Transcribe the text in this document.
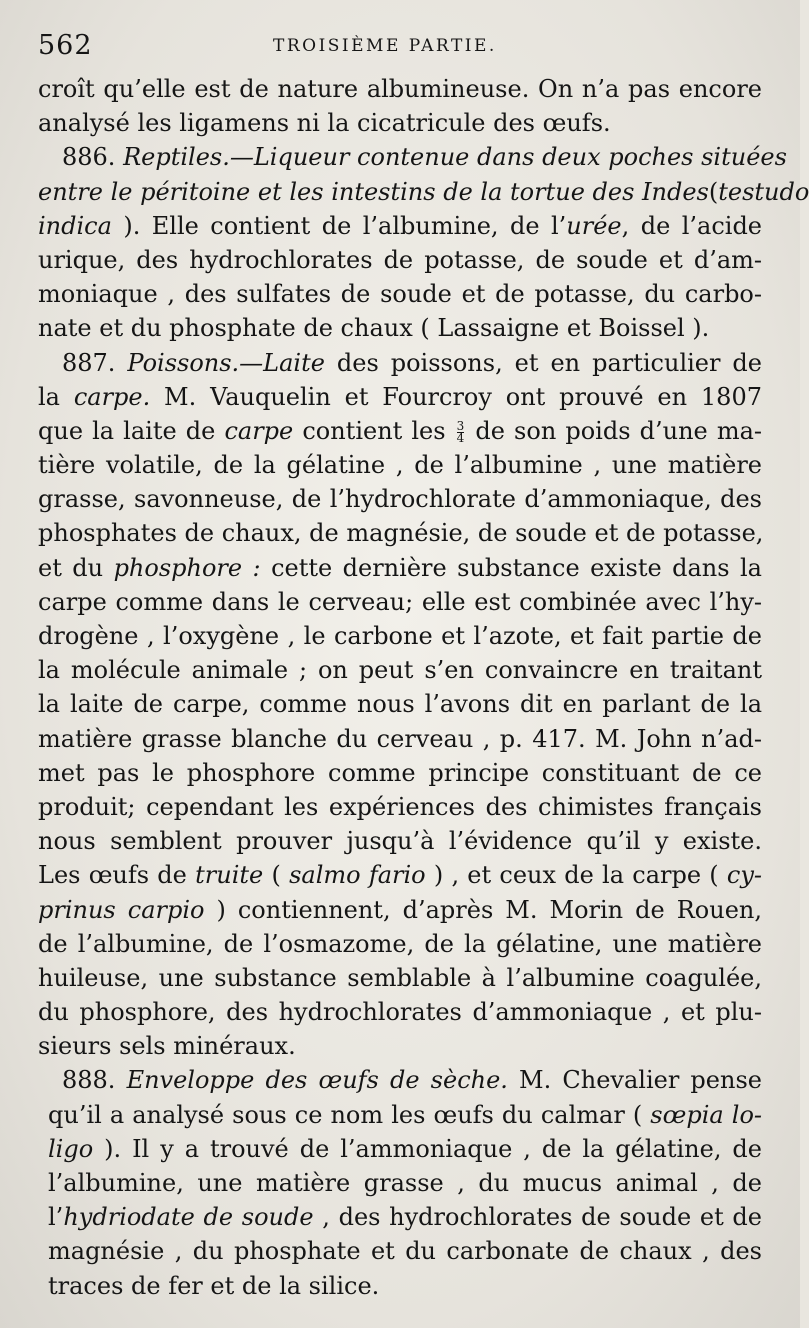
562	TROISIÈME PARTIE.
croît qu’elle est de nature albumineuse. On n’a pas encore
analysé les ligamens ni la cicatricule des œufs.
886. Reptiles.—Liqueur contenue dans deux poches situées
entre le péritoine et les intestins de la tortue des Indes(testudo
indica ). Elle contient de l’albumine, de l’urée, de l’acide
urique, des hydrochlorates de potasse, de soude et d’am-
moniaque , des sulfates de soude et de potasse, du carbo-
nate et du phosphate de chaux ( Lassaigne et Boissel ).
887. Poissons.—Laite des poissons, et en particulier de
la carpe. M. Vauquelin et Fourcroy ont prouvé en 1807
que la laite de carpe contient les $\frac{3}{4}$ de son poids d’une ma-
tière volatile, de la gélatine , de l’albumine , une matière
grasse, savonneuse, de l’hydrochlorate d’ammoniaque, des
phosphates de chaux, de magnésie, de soude et de potasse,
et du phosphore : cette dernière substance existe dans la
carpe comme dans le cerveau; elle est combinée avec l’hy-
drogène , l’oxygène , le carbone et l’azote, et fait partie de
la molécule animale ; on peut s’en convaincre en traitant
la laite de carpe, comme nous l’avons dit en parlant de la
matière grasse blanche du cerveau , p. 417. M. John n’ad-
met pas le phosphore comme principe constituant de ce
produit; cependant les expériences des chimistes français
nous semblent prouver jusqu’à l’évidence qu’il y existe.
Les œufs de truite ( salmo fario ) , et ceux de la carpe ( cy-
prinus carpio ) contiennent, d’après M. Morin de Rouen,
de l’albumine, de l’osmazome, de la gélatine, une matière
huileuse, une substance semblable à l’albumine coagulée,
du phosphore, des hydrochlorates d’ammoniaque , et plu-
sieurs sels minéraux.
888. Enveloppe des œufs de sèche. M. Chevalier pense
qu’il a analysé sous ce nom les œufs du calmar ( sœpia lo-
ligo ). Il y a trouvé de l’ammoniaque , de la gélatine, de
l’albumine, une matière grasse , du mucus animal , de
l’hydriodate de soude , des hydrochlorates de soude et de
magnésie , du phosphate et du carbonate de chaux , des
traces de fer et de la silice.
